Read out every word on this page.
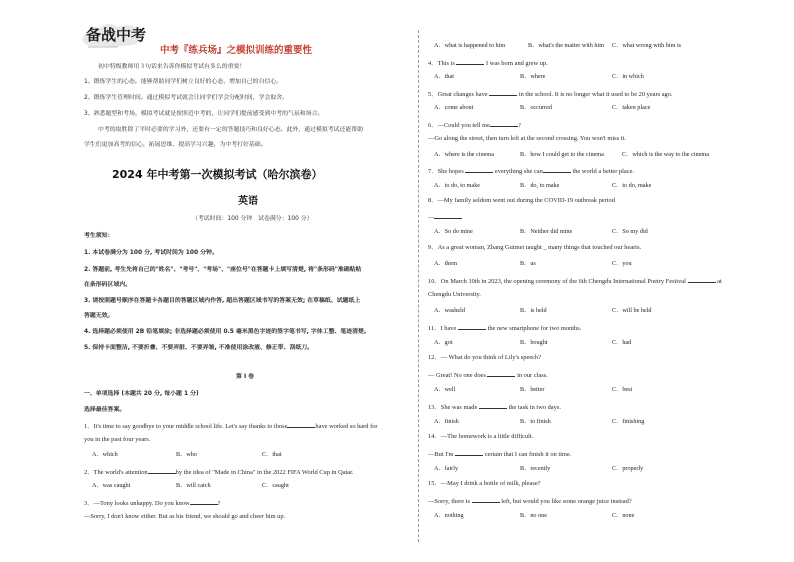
备战中考
中考『练兵场』之模拟训练的重要性
初中特级教师用３句话来告诉你模拟考试有多么的重要！
1、锻炼学生的心态。能够帮助同学们树立良好的心态，增加自己的自信心。
2、锻炼学生管理时间。通过模拟考试就会让同学们学会分配时间，学会取舍。
3、熟悉题型和考场。模拟考试就是按照近中考的，让同学们提前感受到中考的气氛和场合。
中考的取胜除了平时必要的学习外，还要有一定的答题技巧和良好心态。此外，通过模拟考试还能帮助
学生们更加高考的信心，拓展思维，提高学习兴趣，为中考打好基础。
2024 年中考第一次模拟考试（哈尔滨卷）
英语
（考试时间：100 分钟　试卷满分：100 分）
考生须知：
1. 本试卷满分为 100 分, 考试时间为 100 分钟。
2. 答题前, 考生先将自己的"姓名"、"考号"、"考场"、"座位号"在答题卡上填写清楚, 将"条形码"准确粘贴
在条形码区域内。
3. 请按照题号顺序在答题卡各题目的答题区域内作答, 超出答题区域书写的答案无效; 在草稿纸、试题纸上
答题无效。
4. 选择题必须使用 2B 铅笔填涂; 非选择题必须使用 0.5 毫米黑色字迹的签字笔书写, 字体工整、笔迹清楚。
5. 保持卡面整洁, 不要折叠、不要弄脏、不要弄皱, 不准使用涂改液、修正带、刮纸刀。
第 I 卷
一、单项选择 (本题共 20 分, 每小题 1 分)
选择最佳答案。
1．It's time to say goodbye to your middle school life. Let's say thanks to those	have worked so hard for
you in the past four years.
A．which	B．who	C．that
2．The world's attention	by the idea of "Made in China" in the 2022 FIFA World Cup in Qatar.
A．was caught	B．will catch	C．caught
3．—Tony looks unhappy. Do you know	?
—Sorry, I don't know either. But as his friend, we should go and cheer him up.
A．what is happened to him	B．what's the matter with him C．what wrong with him is
4．This is	I was born and grew up.
A．that	B．where	C．in which
5．Great changes have	in the school. It is no longer what it used to be 20 years ago.
A．come about	B．occurred	C．taken place
6．—Could you tell me	?
—Go along the street, then turn left at the second crossing. You won't miss it.
A．where is the cinema	B．how I could get to the cinema	C．which is the way to the cinema
7．She hopes	everything she can	the world a better place.
A．to do, to make	B．do, to make	C．to do, make
8．—My family seldom went out during the COVID-19 outbreak period
—
A．So do mine	B．Neither did mine	C．So my did
9．As a great woman, Zhang Guimei taught _ many things that touched our hearts.
A．them	B．us	C．you
10．On March 10th in 2023, the opening ceremony of the 6th Chengdu International Poetry Festival	at
Chengdu University.
A．washeld	B．is held	C．will be held
11．I have	the new smartphone for two months.
A．got	B．bought	C．had
12．— What do you think of Lily's speech?
— Great! No one does	in our class.
A．well	B．better	C．best
13．She was made	the task in two days.
A．finish	B．to finish	C．finishing
14．—The homework is a little difficult.
—But I'm	certain that I can finish it on time.
A．fairly	B．recently	C．properly
15．—May I drink a bottle of milk, please?
—Sorry, there is	left, but would you like some orange juice instead?
A．nothing	B．no one	C．none
